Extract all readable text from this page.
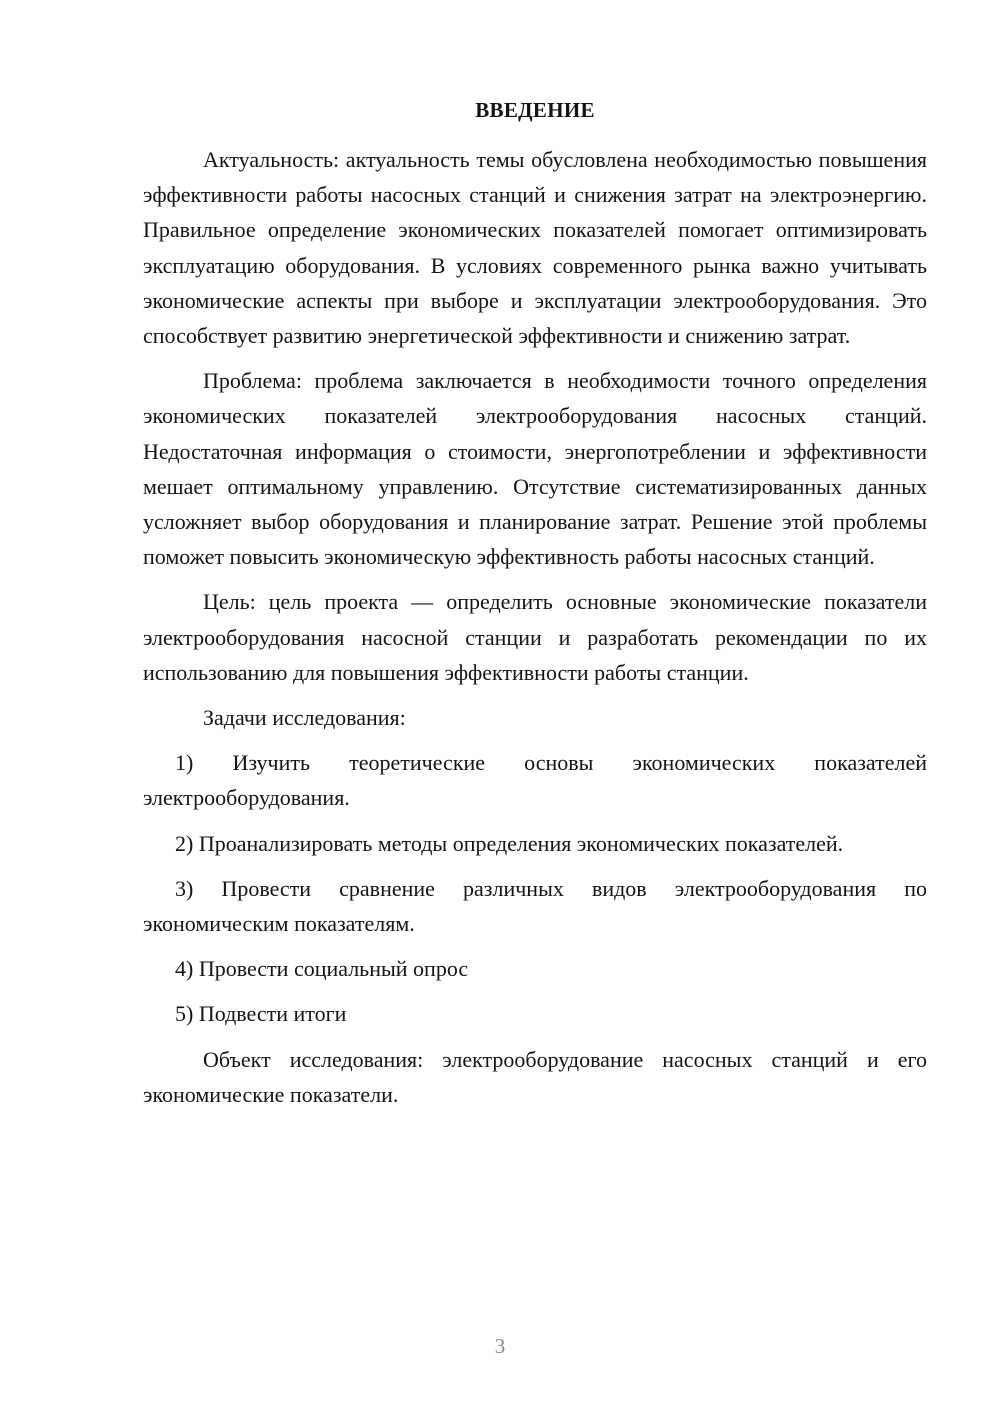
ВВЕДЕНИЕ

Актуальность: актуальность темы обусловлена необходимостью повышения эффективности работы насосных станций и снижения затрат на электроэнергию. Правильное определение экономических показателей помогает оптимизировать эксплуатацию оборудования. В условиях современного рынка важно учитывать экономические аспекты при выборе и эксплуатации электрооборудования. Это способствует развитию энергетической эффективности и снижению затрат.

Проблема: проблема заключается в необходимости точного определения экономических показателей электрооборудования насосных станций. Недостаточная информация о стоимости, энергопотреблении и эффективности мешает оптимальному управлению. Отсутствие систематизированных данных усложняет выбор оборудования и планирование затрат. Решение этой проблемы поможет повысить экономическую эффективность работы насосных станций.

Цель: цель проекта — определить основные экономические показатели электрооборудования насосной станции и разработать рекомендации по их использованию для повышения эффективности работы станции.

Задачи исследования:

1) Изучить теоретические основы экономических показателей электрооборудования.

2) Проанализировать методы определения экономических показателей.

3) Провести сравнение различных видов электрооборудования по экономическим показателям.

4) Провести социальный опрос

5) Подвести итоги

Объект исследования: электрооборудование насосных станций и его экономические показатели.

3
